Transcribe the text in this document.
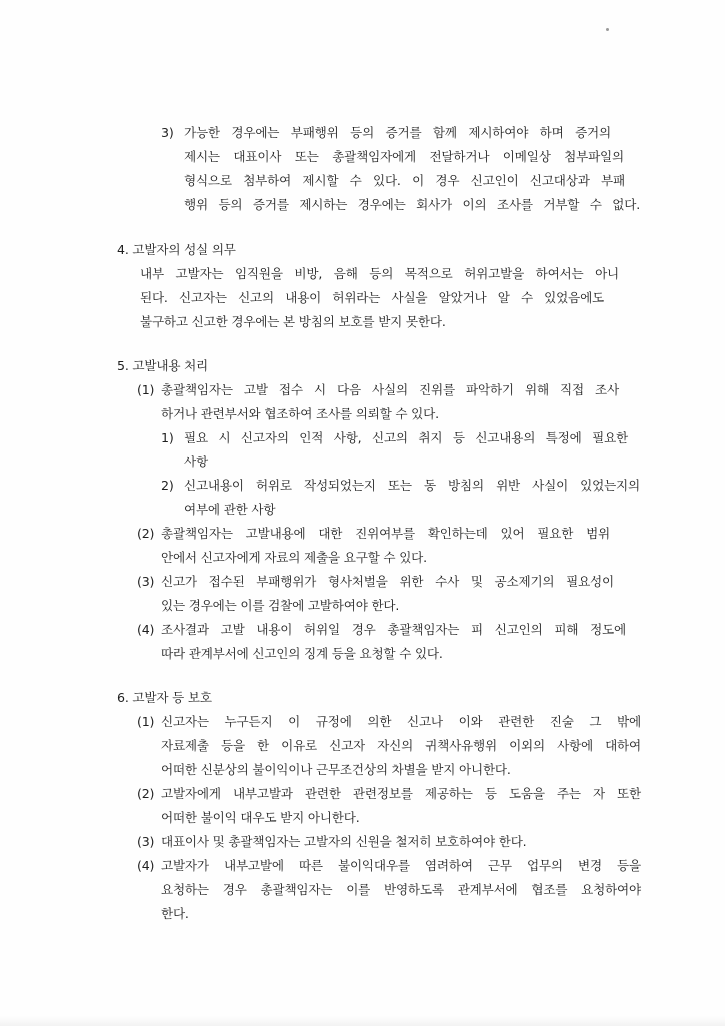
3) 가능한 경우에는 부패행위 등의 증거를 함께 제시하여야 하며 증거의
제시는 대표이사 또는 총괄책임자에게 전달하거나 이메일상 첨부파일의
형식으로 첨부하여 제시할 수 있다. 이 경우 신고인이 신고대상과 부패
행위 등의 증거를 제시하는 경우에는 회사가 이의 조사를 거부할 수 없다.
4. 고발자의 성실 의무
내부 고발자는 임직원을 비방, 음해 등의 목적으로 허위고발을 하여서는 아니
된다. 신고자는 신고의 내용이 허위라는 사실을 알았거나 알 수 있었음에도
불구하고 신고한 경우에는 본 방침의 보호를 받지 못한다.
5. 고발내용 처리
(1) 총괄책임자는 고발 접수 시 다음 사실의 진위를 파악하기 위해 직접 조사
하거나 관련부서와 협조하여 조사를 의뢰할 수 있다.
1) 필요 시 신고자의 인적 사항, 신고의 취지 등 신고내용의 특정에 필요한
사항
2) 신고내용이 허위로 작성되었는지 또는 동 방침의 위반 사실이 있었는지의
여부에 관한 사항
(2) 총괄책임자는 고발내용에 대한 진위여부를 확인하는데 있어 필요한 범위
안에서 신고자에게 자료의 제출을 요구할 수 있다.
(3) 신고가 접수된 부패행위가 형사처벌을 위한 수사 및 공소제기의 필요성이
있는 경우에는 이를 검찰에 고발하여야 한다.
(4) 조사결과 고발 내용이 허위일 경우 총괄책임자는 피 신고인의 피해 정도에
따라 관계부서에 신고인의 징계 등을 요청할 수 있다.
6. 고발자 등 보호
(1) 신고자는 누구든지 이 규정에 의한 신고나 이와 관련한 진술 그 밖에
자료제출 등을 한 이유로 신고자 자신의 귀책사유행위 이외의 사항에 대하여
어떠한 신분상의 불이익이나 근무조건상의 차별을 받지 아니한다.
(2) 고발자에게 내부고발과 관련한 관련정보를 제공하는 등 도움을 주는 자 또한
어떠한 불이익 대우도 받지 아니한다.
(3) 대표이사 및 총괄책임자는 고발자의 신원을 철저히 보호하여야 한다.
(4) 고발자가 내부고발에 따른 불이익대우를 염려하여 근무 업무의 변경 등을
요청하는 경우 총괄책임자는 이를 반영하도록 관계부서에 협조를 요청하여야
한다.
